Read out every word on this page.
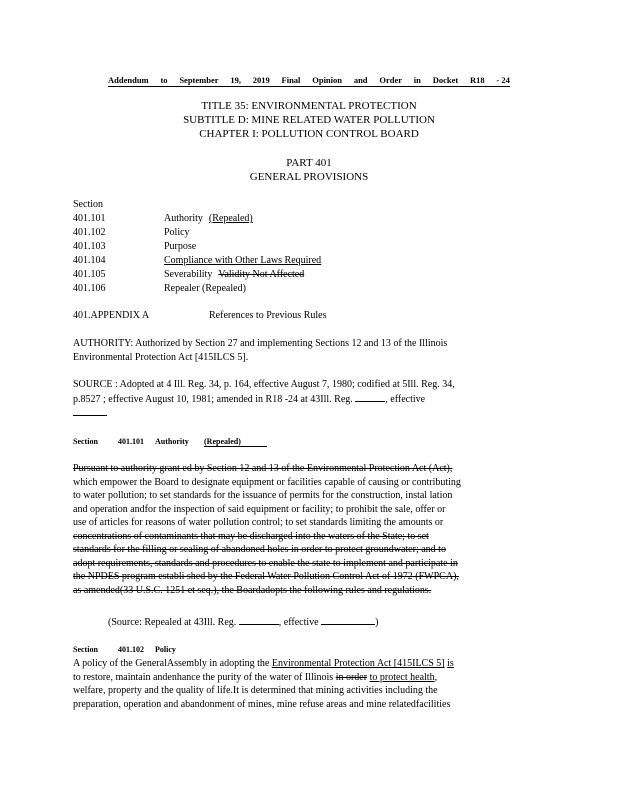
Addendum to September 19, 2019 Final Opinion and Order in Docket R18 - 24
TITLE 35: ENVIRONMENTAL PROTECTION
SUBTITLE D: MINE RELATED WATER POLLUTION
CHAPTER I: POLLUTION CONTROL BOARD
PART 401
GENERAL PROVISIONS
Section
401.101	Authority (Repealed)
401.102	Policy
401.103	Purpose
401.104	Compliance with Other Laws Required
401.105	Severability Validity Not Affected
401.106	Repealer (Repealed)
401.APPENDIX A	References to Previous Rules
AUTHORITY: Authorized by Section 27 and implementing Sections 12 and 13 of the Illinois
Environmental Protection Act [415ILCS 5].
SOURCE : Adopted at 4 Ill. Reg. 34, p. 164, effective August 7, 1980; codified at 5Ill. Reg. 34,
p.8527 ; effective August 10, 1981; amended in R18 -24 at 43Ill. Reg.	, effective
Section	401.101 Authority (Repealed)
Pursuant to authority grant ed by Section 12 and 13 of the Environmental Protection Act (Act),
which empower the Board to designate equipment or facilities capable of causing or contributing
to water pollution; to set standards for the issuance of permits for the construction, instal lation
and operation andfor the inspection of said equipment or facility; to prohibit the sale, offer or
use of articles for reasons of water pollution control; to set standards limiting the amounts or
concentrations of contaminants that may be discharged into the waters of the State; to set
standards for the filling or sealing of abandoned holes in order to protect groundwater; and to
adopt requirements, standards and procedures to enable the state to implement and participate in
the NPDES program establi shed by the Federal Water Pollution Control Act of 1972 (FWPCA),
as amended(33 U.S.C. 1251 et seq.), the Boardadopts the following rules and regulations.
(Source: Repealed at 43Ill. Reg.	, effective	)
Section	401.102 Policy
A policy of the GeneralAssembly in adopting the Environmental Protection Act [415ILCS 5] is
to restore, maintain andenhance the purity of the water of Illinois in order to protect health,
welfare, property and the quality of life.It is determined that mining activities including the
preparation, operation and abandonment of mines, mine refuse areas and mine relatedfacilities
